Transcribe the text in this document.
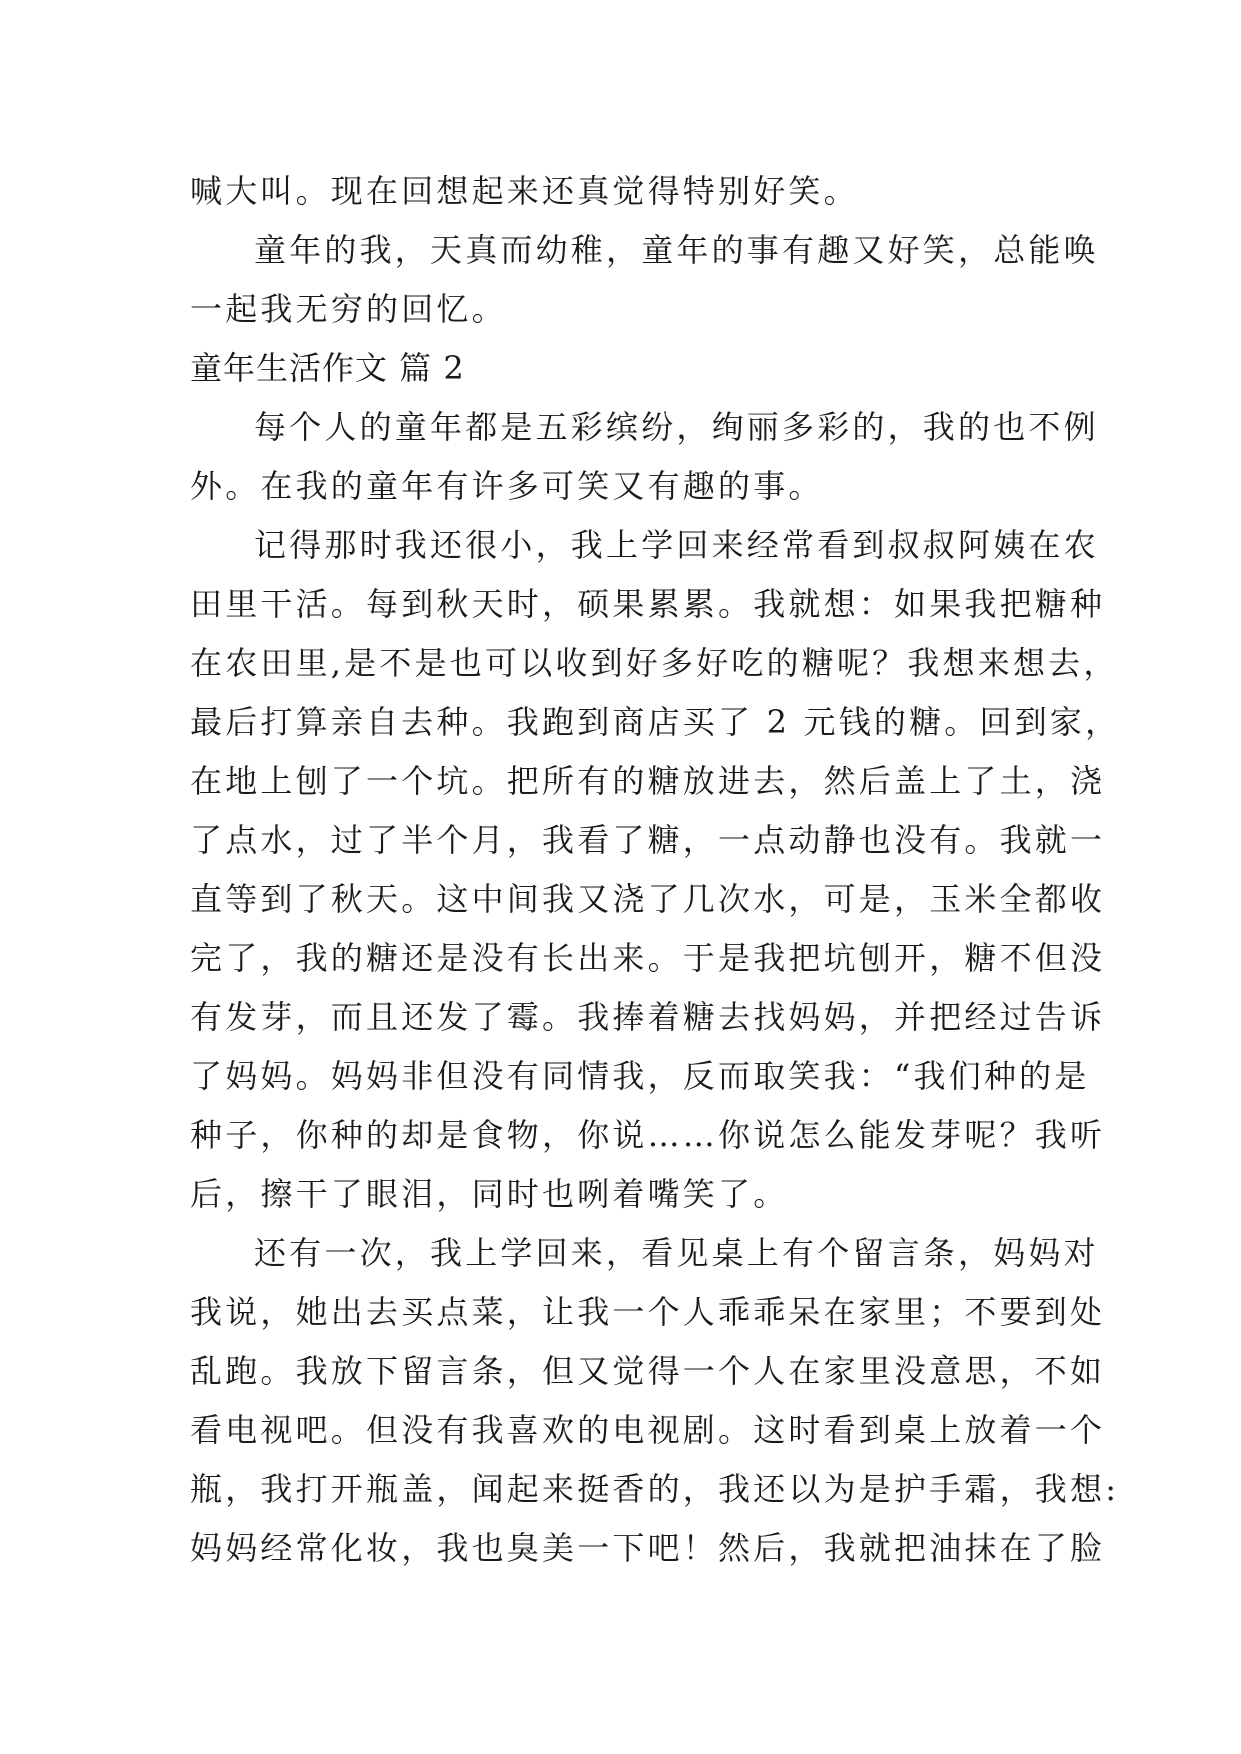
喊大叫。现在回想起来还真觉得特别好笑。
童年的我，天真而幼稚，童年的事有趣又好笑，总能唤
一起我无穷的回忆。
童年生活作文 篇 2
每个人的童年都是五彩缤纷，绚丽多彩的，我的也不例
外。在我的童年有许多可笑又有趣的事。
记得那时我还很小，我上学回来经常看到叔叔阿姨在农
田里干活。每到秋天时，硕果累累。我就想：如果我把糖种
在农田里,是不是也可以收到好多好吃的糖呢？我想来想去，
最后打算亲自去种。我跑到商店买了 2 元钱的糖。回到家，
在地上刨了一个坑。把所有的糖放进去，然后盖上了土，浇
了点水，过了半个月，我看了糖，一点动静也没有。我就一
直等到了秋天。这中间我又浇了几次水，可是，玉米全都收
完了，我的糖还是没有长出来。于是我把坑刨开，糖不但没
有发芽，而且还发了霉。我捧着糖去找妈妈，并把经过告诉
了妈妈。妈妈非但没有同情我，反而取笑我：“我们种的是
种子，你种的却是食物，你说……你说怎么能发芽呢？我听
后，擦干了眼泪，同时也咧着嘴笑了。
还有一次，我上学回来，看见桌上有个留言条，妈妈对
我说，她出去买点菜，让我一个人乖乖呆在家里；不要到处
乱跑。我放下留言条，但又觉得一个人在家里没意思，不如
看电视吧。但没有我喜欢的电视剧。这时看到桌上放着一个
瓶，我打开瓶盖，闻起来挺香的，我还以为是护手霜，我想:
妈妈经常化妆，我也臭美一下吧！然后，我就把油抹在了脸
